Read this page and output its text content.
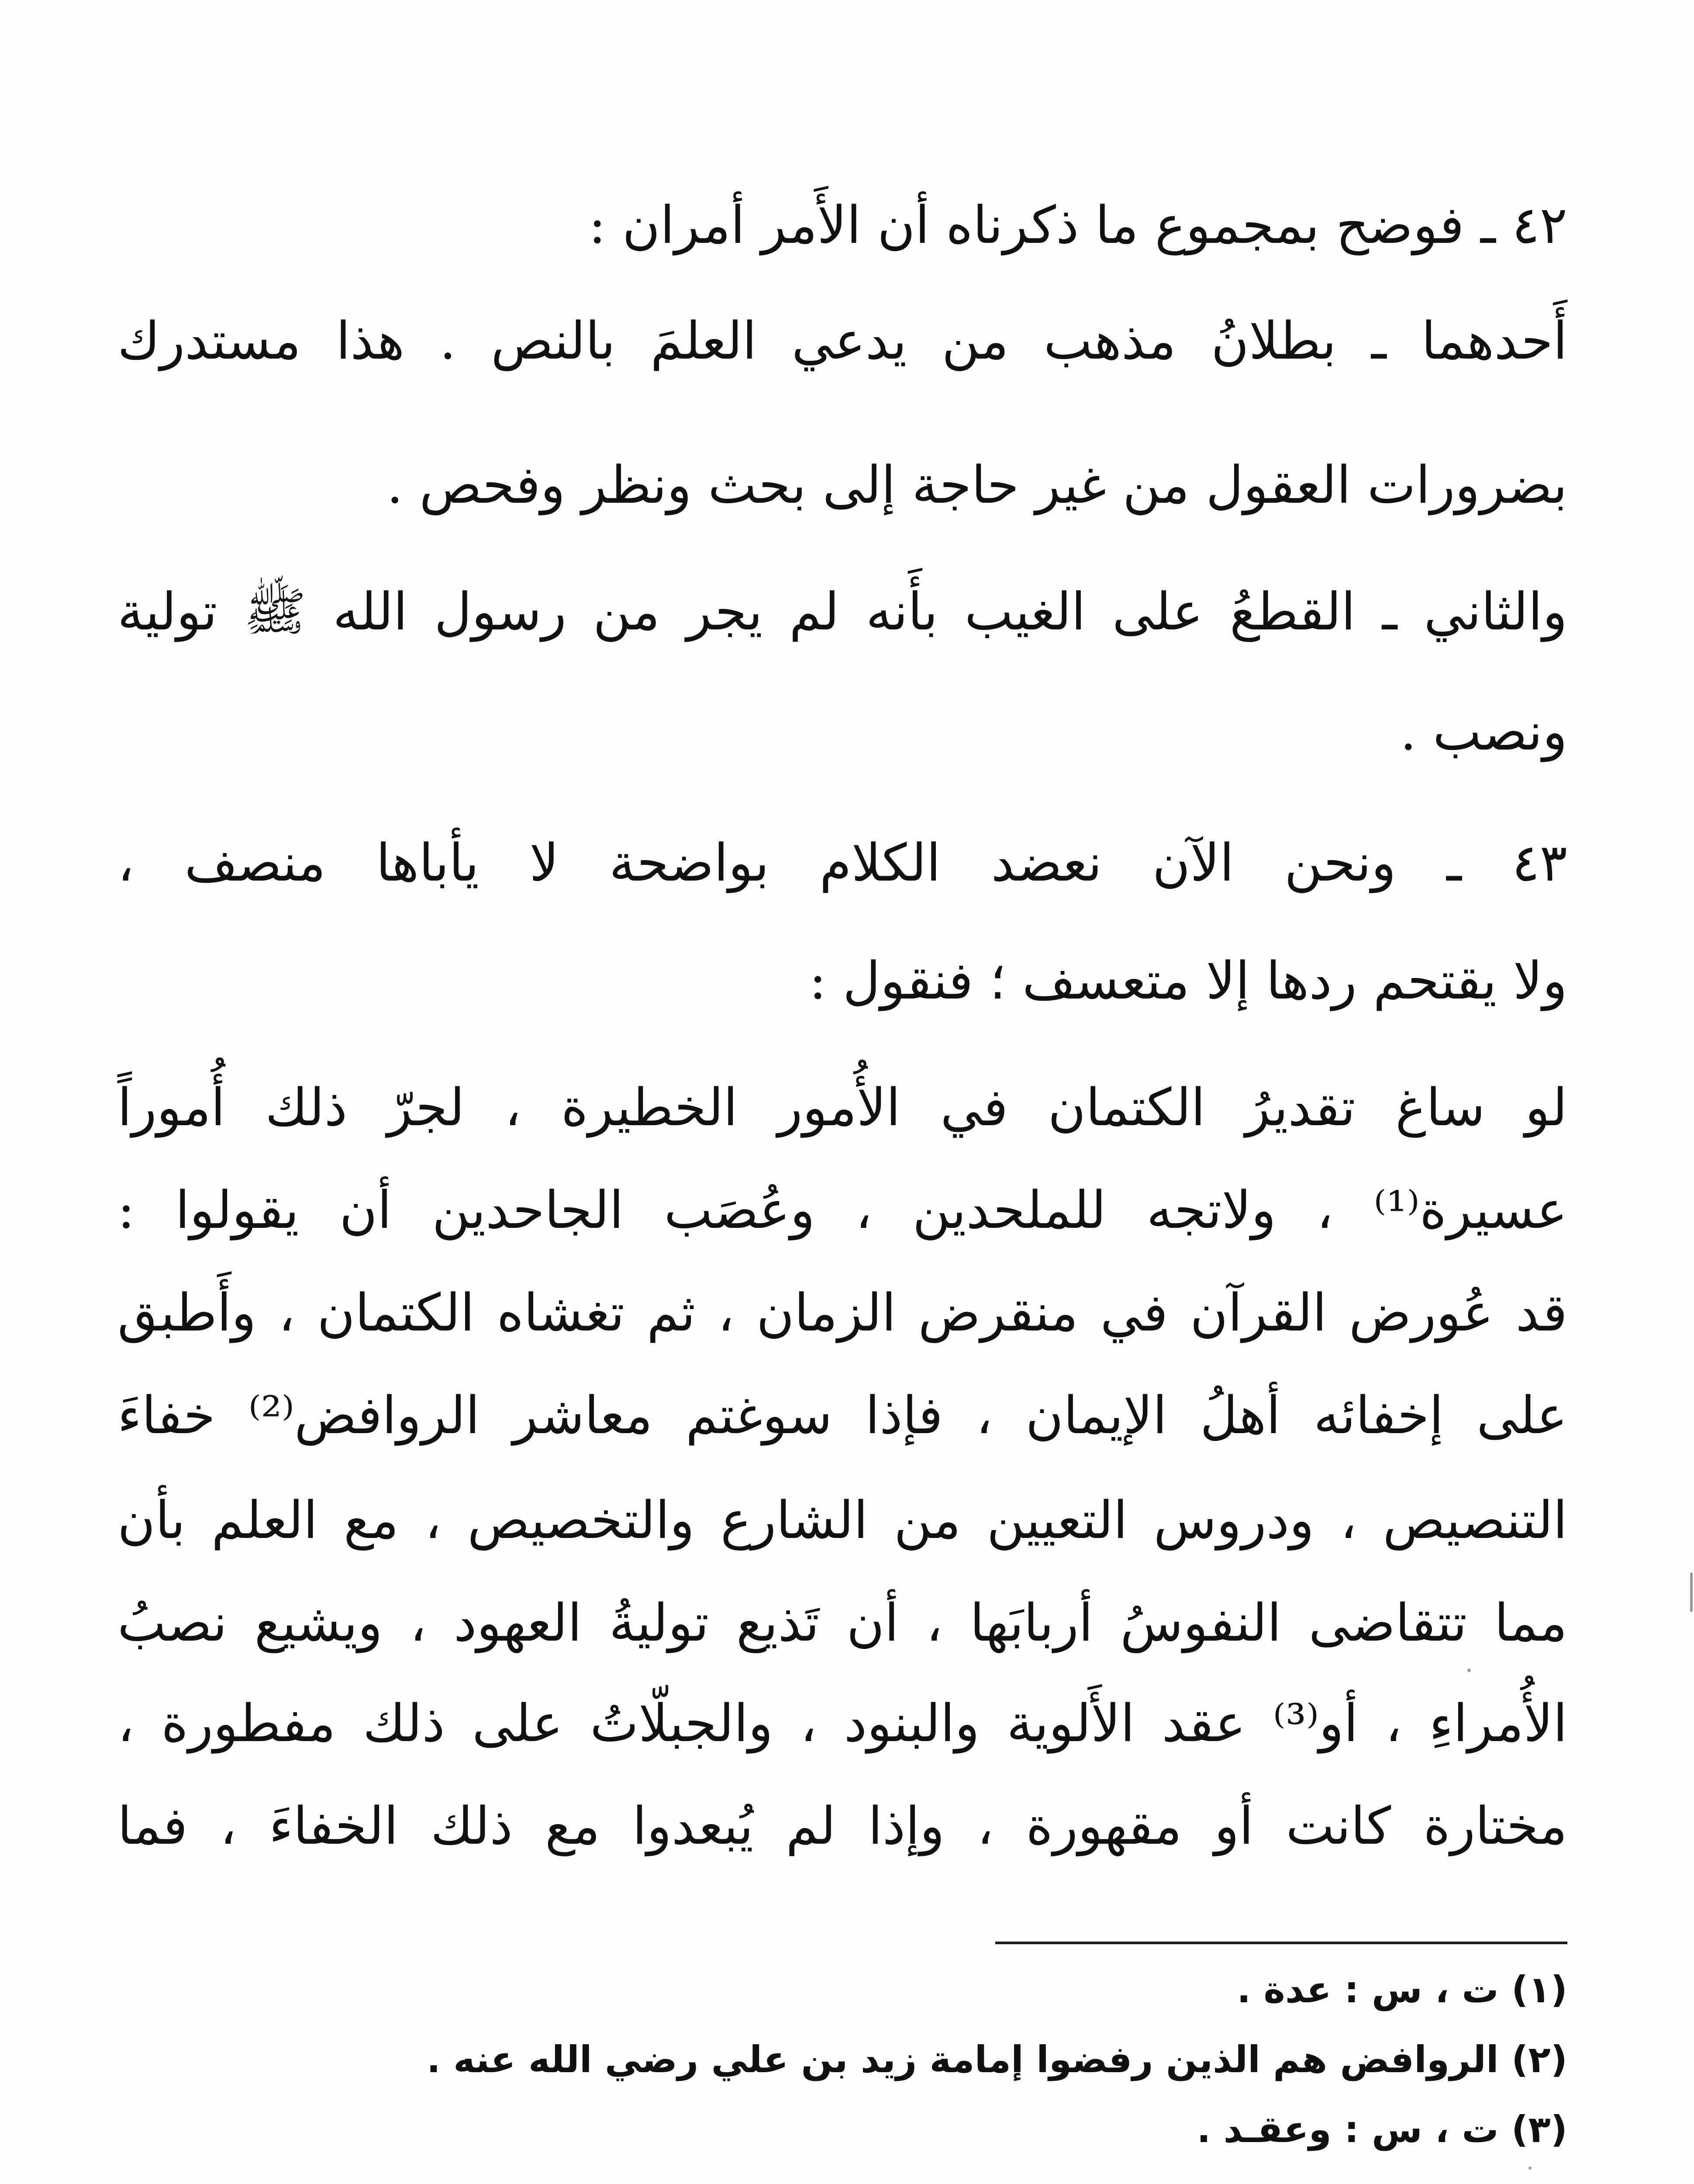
٤٢ ـ فوضح بمجموع ما ذكرناه أن الأَمر أمران :
أَحدهما ـ بطلانُ مذهب من يدعي العلمَ بالنص . هذا مستدرك
بضرورات العقول من غير حاجة إلى بحث ونظر وفحص .
والثاني ـ القطعُ على الغيب بأَنه لم يجر من رسول الله ﷺ تولية
ونصب .
٤٣ ـ ونحن الآن نعضد الكلام بواضحة لا يأباها منصف ،
ولا يقتحم ردها إلا متعسف ؛ فنقول :
لو ساغ تقديرُ الكتمان في الأُمور الخطيرة ، لجرّ ذلك أُموراً
عسيرة⁽¹⁾ ، ولاتجه للملحدين ، وعُصَب الجاحدين أن يقولوا :
قد عُورض القرآن في منقرض الزمان ، ثم تغشاه الكتمان ، وأَطبق
على إخفائه أهلُ الإيمان ، فإذا سوغتم معاشر الروافض⁽²⁾ خفاءَ
التنصيص ، ودروس التعيين من الشارع والتخصيص ، مع العلم بأن
مما تتقاضى النفوسُ أربابَها ، أن تَذيع توليةُ العهود ، ويشيع نصبُ
الأُمراءِ ، أو⁽³⁾ عقد الأَلوية والبنود ، والجبلّاتُ على ذلك مفطورة ،
مختارة كانت أو مقهورة ، وإذا لم يُبعدوا مع ذلك الخفاءَ ، فما
(١) ت ، س : عدة .
(٢) الروافض هم الذين رفضوا إمامة زيد بن علي رضي الله عنه .
(٣) ت ، س : وعقـد .
